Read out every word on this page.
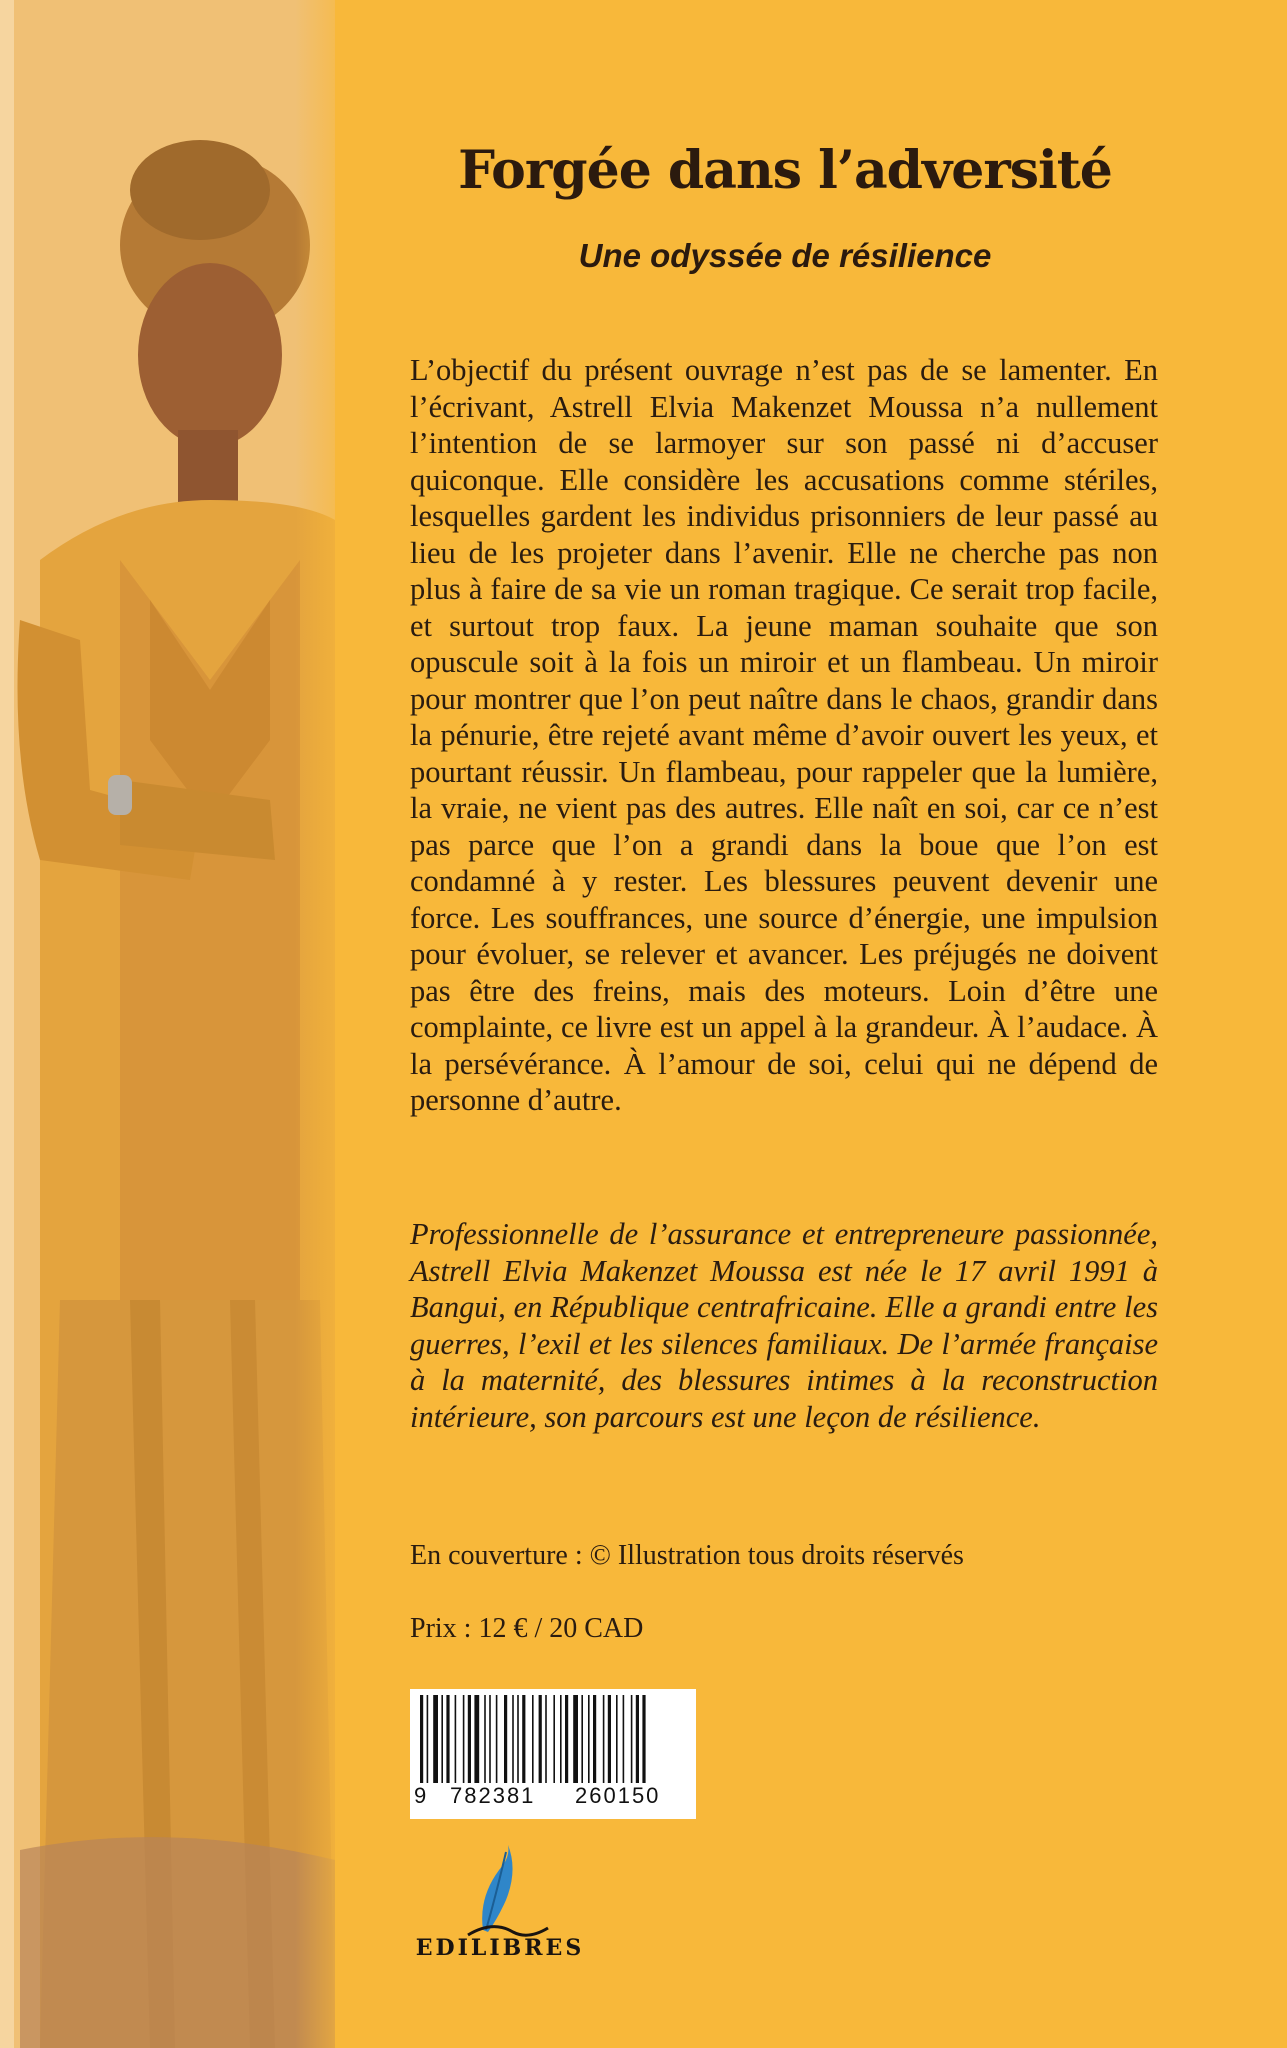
Forgée dans l’adversité
Une odyssée de résilience
L’objectif du présent ouvrage n’est pas de se lamenter. En l’écrivant, Astrell Elvia Makenzet Moussa n’a nullement l’intention de se larmoyer sur son passé ni d’accuser quiconque. Elle considère les accusations comme stériles, lesquelles gardent les individus prisonniers de leur passé au lieu de les projeter dans l’avenir. Elle ne cherche pas non plus à faire de sa vie un roman tragique. Ce serait trop facile, et surtout trop faux. La jeune maman souhaite que son opuscule soit à la fois un miroir et un flambeau. Un miroir pour montrer que l’on peut naître dans le chaos, grandir dans la pénurie, être rejeté avant même d’avoir ouvert les yeux, et pourtant réussir. Un flambeau, pour rappeler que la lumière, la vraie, ne vient pas des autres. Elle naît en soi, car ce n’est pas parce que l’on a grandi dans la boue que l’on est condamné à y rester. Les blessures peuvent devenir une force. Les souffrances, une source d’énergie, une impulsion pour évoluer, se relever et avancer. Les préjugés ne doivent pas être des freins, mais des moteurs. Loin d’être une complainte, ce livre est un appel à la grandeur. À l’audace. À la persévérance. À l’amour de soi, celui qui ne dépend de personne d’autre.
Professionnelle de l’assurance et entrepreneure passionnée, Astrell Elvia Makenzet Moussa est née le 17 avril 1991 à Bangui, en République centrafricaine. Elle a grandi entre les guerres, l’exil et les silences familiaux. De l’armée française à la maternité, des blessures intimes à la reconstruction intérieure, son parcours est une leçon de résilience.
En couverture : © Illustration tous droits réservés
Prix : 12 € / 20 CAD
9 782381 260150
EDILIBRES
